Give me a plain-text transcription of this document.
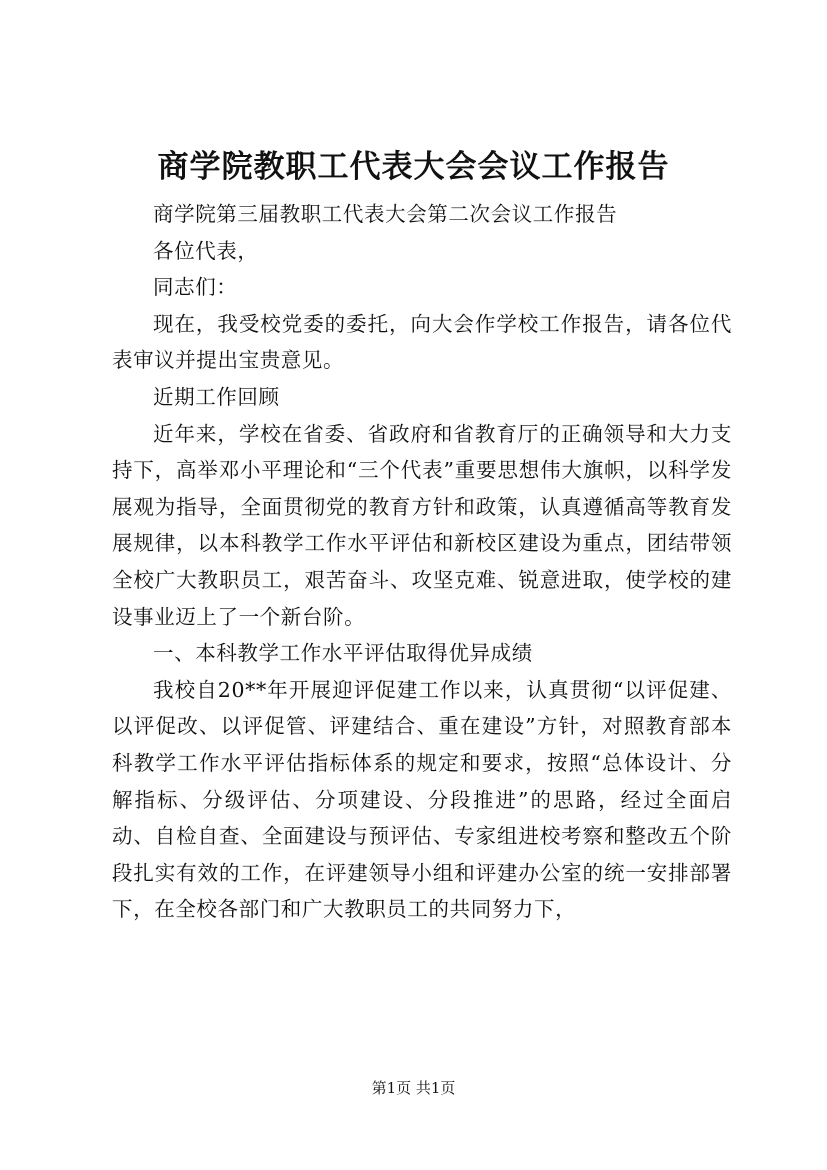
商学院教职工代表大会会议工作报告

商学院第三届教职工代表大会第二次会议工作报告

各位代表，

同志们：

现在，我受校党委的委托，向大会作学校工作报告，请各位代表审议并提出宝贵意见。

近期工作回顾

近年来，学校在省委、省政府和省教育厅的正确领导和大力支持下，高举邓小平理论和“三个代表”重要思想伟大旗帜，以科学发展观为指导，全面贯彻党的教育方针和政策，认真遵循高等教育发展规律，以本科教学工作水平评估和新校区建设为重点，团结带领全校广大教职员工，艰苦奋斗、攻坚克难、锐意进取，使学校的建设事业迈上了一个新台阶。

一、本科教学工作水平评估取得优异成绩

我校自20**年开展迎评促建工作以来，认真贯彻“以评促建、以评促改、以评促管、评建结合、重在建设”方针，对照教育部本科教学工作水平评估指标体系的规定和要求，按照“总体设计、分解指标、分级评估、分项建设、分段推进”的思路，经过全面启动、自检自查、全面建设与预评估、专家组进校考察和整改五个阶段扎实有效的工作，在评建领导小组和评建办公室的统一安排部署下，在全校各部门和广大教职员工的共同努力下，

第1页 共1页
